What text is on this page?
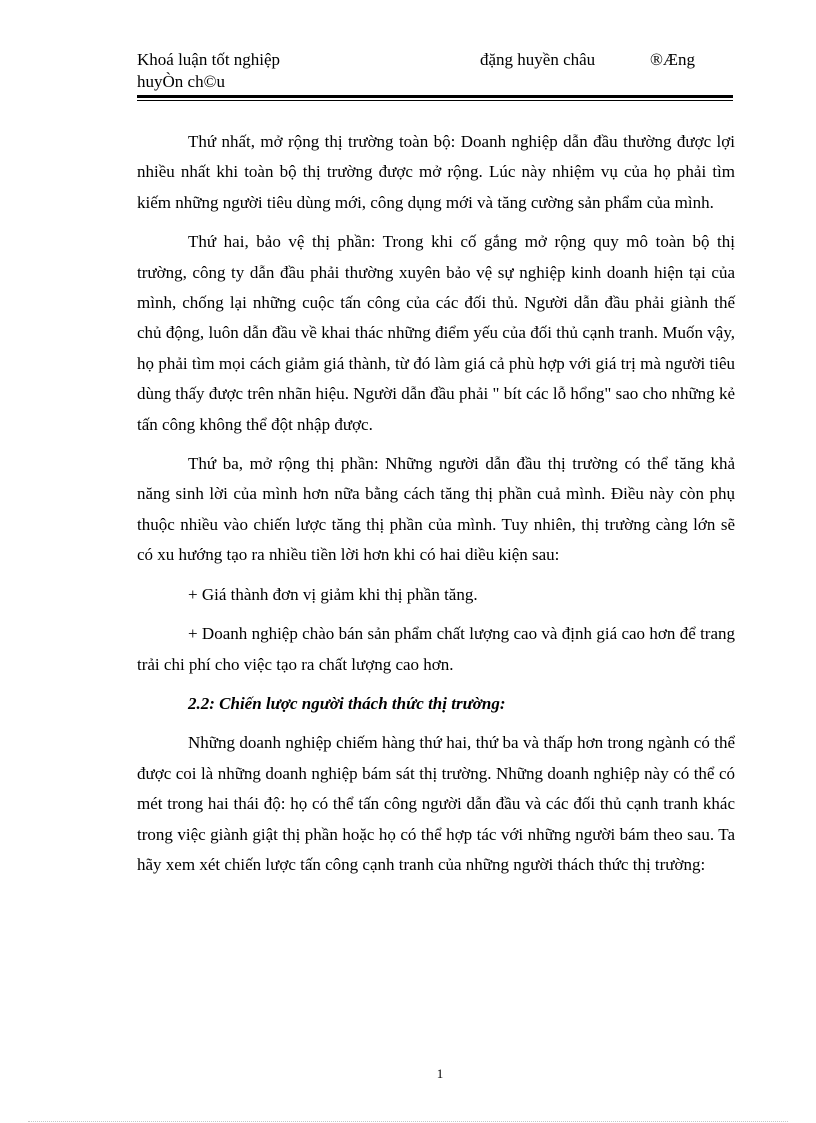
Khoá luận tốt nghiệp
huyÒn ch©u
đặng huyền châu	®Æng

Thứ nhất, mở rộng thị trường toàn bộ: Doanh nghiệp dẫn đầu thường được lợi nhiều nhất khi toàn bộ thị trường được mở rộng. Lúc này nhiệm vụ của họ phải tìm kiếm những người tiêu dùng mới, công dụng mới và tăng cường sản phẩm của mình.

Thứ hai, bảo vệ thị phần: Trong khi cố gắng mở rộng quy mô toàn bộ thị trường, công ty dẫn đầu phải thường xuyên bảo vệ sự nghiệp kinh doanh hiện tại của mình, chống lại những cuộc tấn công của các đối thủ. Người dẫn đầu phải giành thế chủ động, luôn dẫn đầu về khai thác những điểm yếu của đối thủ cạnh tranh. Muốn vậy, họ phải tìm mọi cách giảm giá thành, từ đó làm giá cả phù hợp với giá trị mà người tiêu dùng thấy được trên nhãn hiệu. Người dẫn đầu phải " bít các lỗ hổng" sao cho những kẻ tấn công không thể đột nhập được.

Thứ ba, mở rộng thị phần: Những người dẫn đầu thị trường có thể tăng khả năng sinh lời của mình hơn nữa bằng cách tăng thị phần cuả mình. Điều này còn phụ thuộc nhiều vào chiến lược tăng thị phần của mình. Tuy nhiên, thị trường càng lớn sẽ có xu hướng tạo ra nhiều tiền lời hơn khi có hai diều kiện sau:

+ Giá thành đơn vị giảm khi thị phần tăng.

+ Doanh nghiệp chào bán sản phẩm chất lượng cao và định giá cao hơn để trang trải chi phí cho việc tạo ra chất lượng cao hơn.

2.2: Chiến lược người thách thức thị trường:

Những doanh nghiệp chiếm hàng thứ hai, thứ ba và thấp hơn trong ngành có thể được coi là những doanh nghiệp bám sát thị trường. Những doanh nghiệp này có thể có mét trong hai thái độ: họ có thể tấn công người dẫn đầu và các đối thủ cạnh tranh khác trong việc giành giật thị phần hoặc họ có thể hợp tác với những người bám theo sau. Ta hãy xem xét chiến lược tấn công cạnh tranh của những người thách thức thị trường:

1
